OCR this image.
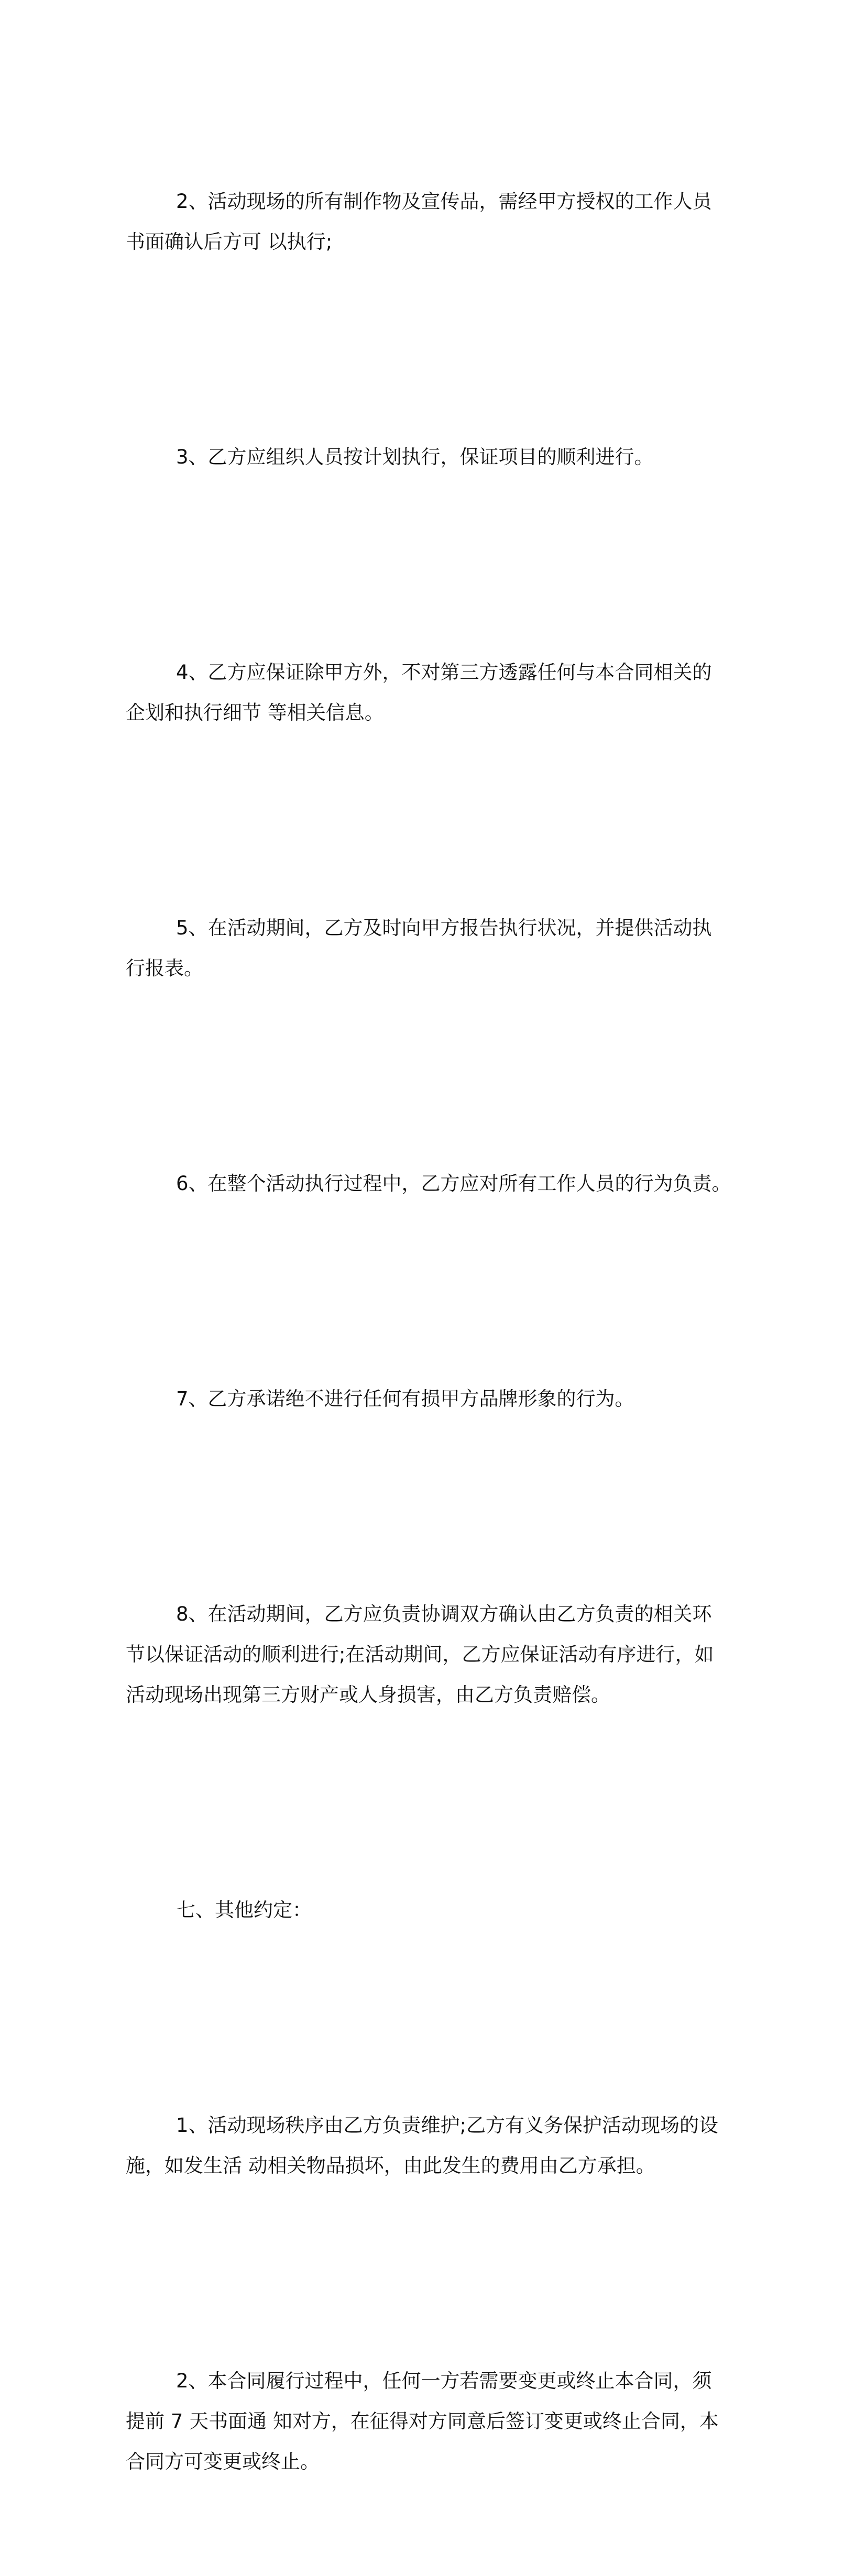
2、活动现场的所有制作物及宣传品，需经甲方授权的工作人员
书面确认后方可 以执行;

3、乙方应组织人员按计划执行，保证项目的顺利进行。

4、乙方应保证除甲方外，不对第三方透露任何与本合同相关的
企划和执行细节 等相关信息。

5、在活动期间，乙方及时向甲方报告执行状况，并提供活动执
行报表。

6、在整个活动执行过程中，乙方应对所有工作人员的行为负责。

7、乙方承诺绝不进行任何有损甲方品牌形象的行为。

8、在活动期间，乙方应负责协调双方确认由乙方负责的相关环
节以保证活动的顺利进行;在活动期间，乙方应保证活动有序进行，如
活动现场出现第三方财产或人身损害，由乙方负责赔偿。

七、其他约定：

1、活动现场秩序由乙方负责维护;乙方有义务保护活动现场的设
施，如发生活 动相关物品损坏，由此发生的费用由乙方承担。

2、本合同履行过程中，任何一方若需要变更或终止本合同，须
提前 7 天书面通 知对方，在征得对方同意后签订变更或终止合同，本
合同方可变更或终止。
